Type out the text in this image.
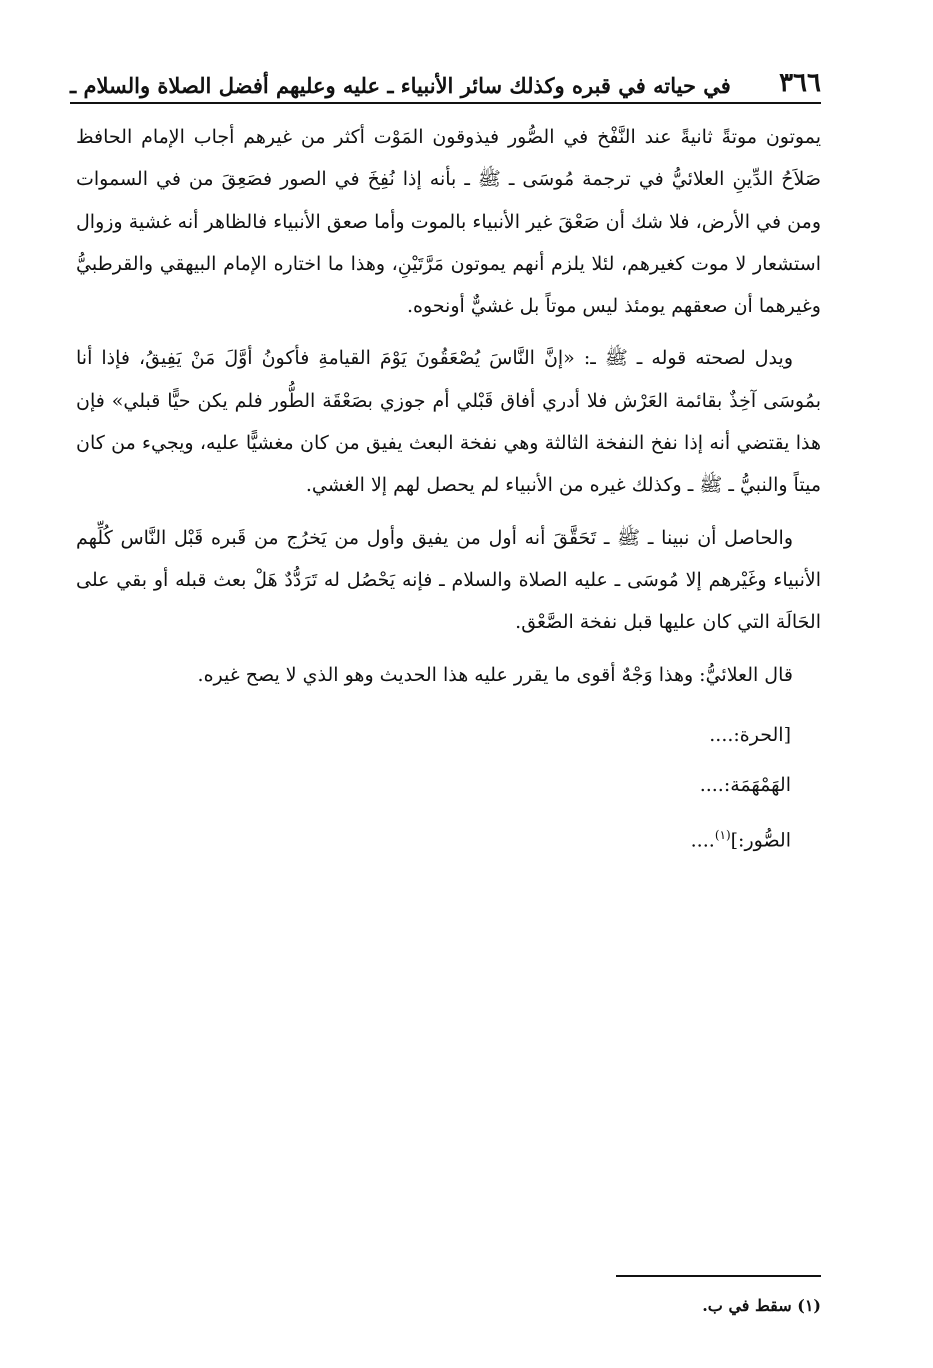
٣٦٦
في حياته في قبره وكذلك سائر الأنبياء ـ عليه وعليهم أفضل الصلاة والسلام ـ

يموتون موتةً ثانيةً عند النَّفْخ في الصُّور فيذوقون المَوْت أكثر من غيرهم أجاب الإمام الحافظ صَلاَحُ الدِّينِ العلائيُّ في ترجمة مُوسَى ـ ﷺ ـ بأنه إذا نُفِخَ في الصور فصَعِقَ من في السموات ومن في الأرض، فلا شك أن صَعْقَ غير الأنبياء بالموت وأما صعق الأنبياء فالظاهر أنه غشية وزوال استشعار لا موت كغيرهم، لئلا يلزم أنهم يموتون مَرَّتَيْنِ، وهذا ما اختاره الإمام البيهقي والقرطبيُّ وغيرهما أن صعقهم يومئذ ليس موتاً بل غشيٌّ أونحوه.

ويدل لصحته قوله ـ ﷺ ـ: «إنَّ النَّاسَ يُصْعَقُونَ يَوْمَ القيامةِ فأكونُ أوَّلَ مَنْ يَفِيقُ، فإذا أنا بمُوسَى آخِذٌ بقائمة العَرْش فلا أدري أفاق قَبْلي أم جوزي بصَعْقَة الطُّور فلم يكن حيًّا قبلي» فإن هذا يقتضي أنه إذا نفخ النفخة الثالثة وهي نفخة البعث يفيق من كان مغشيًّا عليه، ويجيء من كان ميتاً والنبيُّ ـ ﷺ ـ وكذلك غيره من الأنبياء لم يحصل لهم إلا الغشي.

والحاصل أن نبينا ـ ﷺ ـ تَحَقَّقَ أنه أول من يفيق وأول من يَخرُج من قَبره قَبْل النَّاس كُلِّهم الأنبياء وغَيْرهم إلا مُوسَى ـ عليه الصلاة والسلام ـ فإنه يَحْصُل له تَرَدُّدٌ هَلْ بعث قبله أو بقي على الحَالَة التي كان عليها قبل نفخة الصَّعْق.

قال العلائيُّ: وهذا وَجْهٌ أقوى ما يقرر عليه هذا الحديث وهو الذي لا يصح غيره.

[الحرة:....
الهَمْهَمَة:....
الصُّور:]$^{(١)}$....
(١) سقط في ب.
